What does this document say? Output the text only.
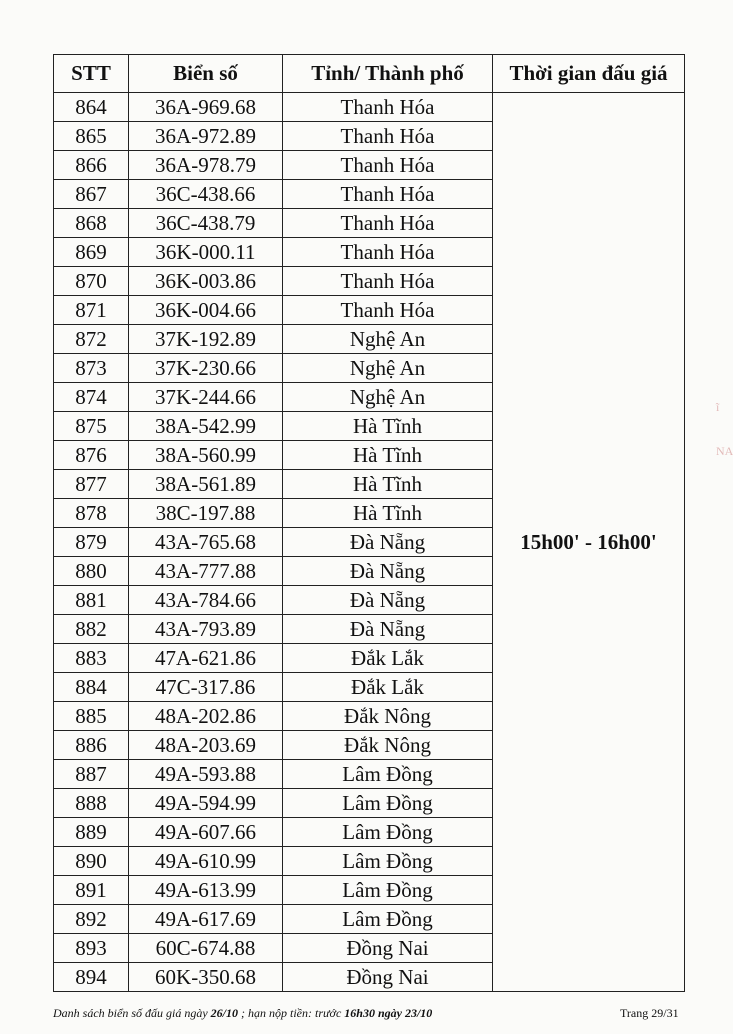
STT	Biển số	Tỉnh/ Thành phố	Thời gian đấu giá
864	36A-969.68	Thanh Hóa	15h00' - 16h00'
865	36A-972.89	Thanh Hóa	
866	36A-978.79	Thanh Hóa	
867	36C-438.66	Thanh Hóa	
868	36C-438.79	Thanh Hóa	
869	36K-000.11	Thanh Hóa	
870	36K-003.86	Thanh Hóa	
871	36K-004.66	Thanh Hóa	
872	37K-192.89	Nghệ An	
873	37K-230.66	Nghệ An	
874	37K-244.66	Nghệ An	
875	38A-542.99	Hà Tĩnh	
876	38A-560.99	Hà Tĩnh	
877	38A-561.89	Hà Tĩnh	
878	38C-197.88	Hà Tĩnh	
879	43A-765.68	Đà Nẵng	
880	43A-777.88	Đà Nẵng	
881	43A-784.66	Đà Nẵng	
882	43A-793.89	Đà Nẵng	
883	47A-621.86	Đắk Lắk	
884	47C-317.86	Đắk Lắk	
885	48A-202.86	Đắk Nông	
886	48A-203.69	Đắk Nông	
887	49A-593.88	Lâm Đồng	
888	49A-594.99	Lâm Đồng	
889	49A-607.66	Lâm Đồng	
890	49A-610.99	Lâm Đồng	
891	49A-613.99	Lâm Đồng	
892	49A-617.69	Lâm Đồng	
893	60C-674.88	Đồng Nai	
894	60K-350.68	Đồng Nai	
Danh sách biển số đấu giá ngày 26/10 ; hạn nộp tiền: trước 16h30 ngày 23/10	Trang 29/31
ĩ
NA
